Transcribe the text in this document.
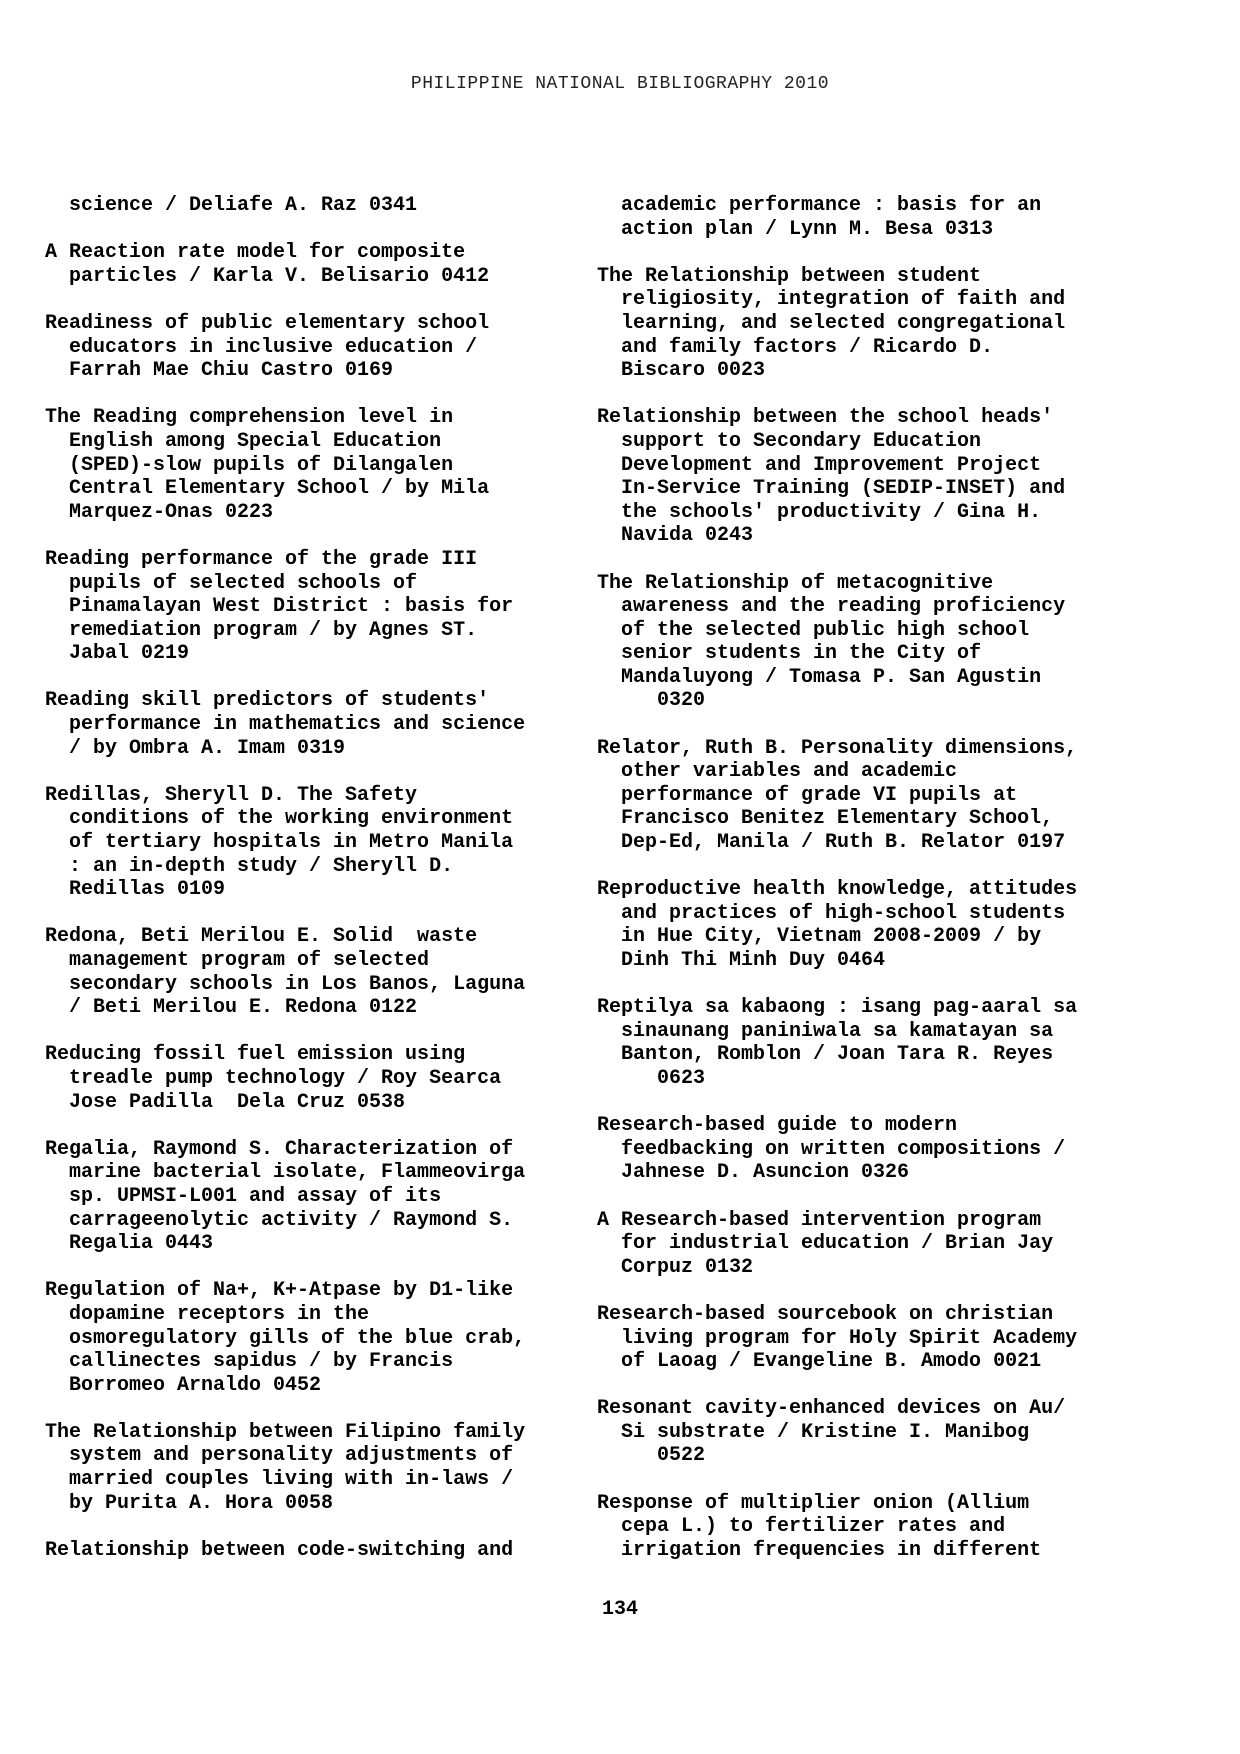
PHILIPPINE NATIONAL BIBLIOGRAPHY 2010

science / Deliafe A. Raz 0341

A Reaction rate model for composite
particles / Karla V. Belisario 0412

Readiness of public elementary school
educators in inclusive education /
Farrah Mae Chiu Castro 0169

The Reading comprehension level in
English among Special Education
(SPED)-slow pupils of Dilangalen
Central Elementary School / by Mila
Marquez-Onas 0223

Reading performance of the grade III
pupils of selected schools of
Pinamalayan West District : basis for
remediation program / by Agnes ST.
Jabal 0219

Reading skill predictors of students'
performance in mathematics and science
/ by Ombra A. Imam 0319

Redillas, Sheryll D. The Safety
conditions of the working environment
of tertiary hospitals in Metro Manila
: an in-depth study / Sheryll D.
Redillas 0109

Redona, Beti Merilou E. Solid  waste
management program of selected
secondary schools in Los Banos, Laguna
/ Beti Merilou E. Redona 0122

Reducing fossil fuel emission using
treadle pump technology / Roy Searca
Jose Padilla  Dela Cruz 0538

Regalia, Raymond S. Characterization of
marine bacterial isolate, Flammeovirga
sp. UPMSI-L001 and assay of its
carrageenolytic activity / Raymond S.
Regalia 0443

Regulation of Na+, K+-Atpase by D1-like
dopamine receptors in the
osmoregulatory gills of the blue crab,
callinectes sapidus / by Francis
Borromeo Arnaldo 0452

The Relationship between Filipino family
system and personality adjustments of
married couples living with in-laws /
by Purita A. Hora 0058

Relationship between code-switching and

academic performance : basis for an
action plan / Lynn M. Besa 0313

The Relationship between student
religiosity, integration of faith and
learning, and selected congregational
and family factors / Ricardo D.
Biscaro 0023

Relationship between the school heads'
support to Secondary Education
Development and Improvement Project
In-Service Training (SEDIP-INSET) and
the schools' productivity / Gina H.
Navida 0243

The Relationship of metacognitive
awareness and the reading proficiency
of the selected public high school
senior students in the City of
Mandaluyong / Tomasa P. San Agustin
0320

Relator, Ruth B. Personality dimensions,
other variables and academic
performance of grade VI pupils at
Francisco Benitez Elementary School,
Dep-Ed, Manila / Ruth B. Relator 0197

Reproductive health knowledge, attitudes
and practices of high-school students
in Hue City, Vietnam 2008-2009 / by
Dinh Thi Minh Duy 0464

Reptilya sa kabaong : isang pag-aaral sa
sinaunang paniniwala sa kamatayan sa
Banton, Romblon / Joan Tara R. Reyes
0623

Research-based guide to modern
feedbacking on written compositions /
Jahnese D. Asuncion 0326

A Research-based intervention program
for industrial education / Brian Jay
Corpuz 0132

Research-based sourcebook on christian
living program for Holy Spirit Academy
of Laoag / Evangeline B. Amodo 0021

Resonant cavity-enhanced devices on Au/
Si substrate / Kristine I. Manibog
0522

Response of multiplier onion (Allium
cepa L.) to fertilizer rates and
irrigation frequencies in different

134
